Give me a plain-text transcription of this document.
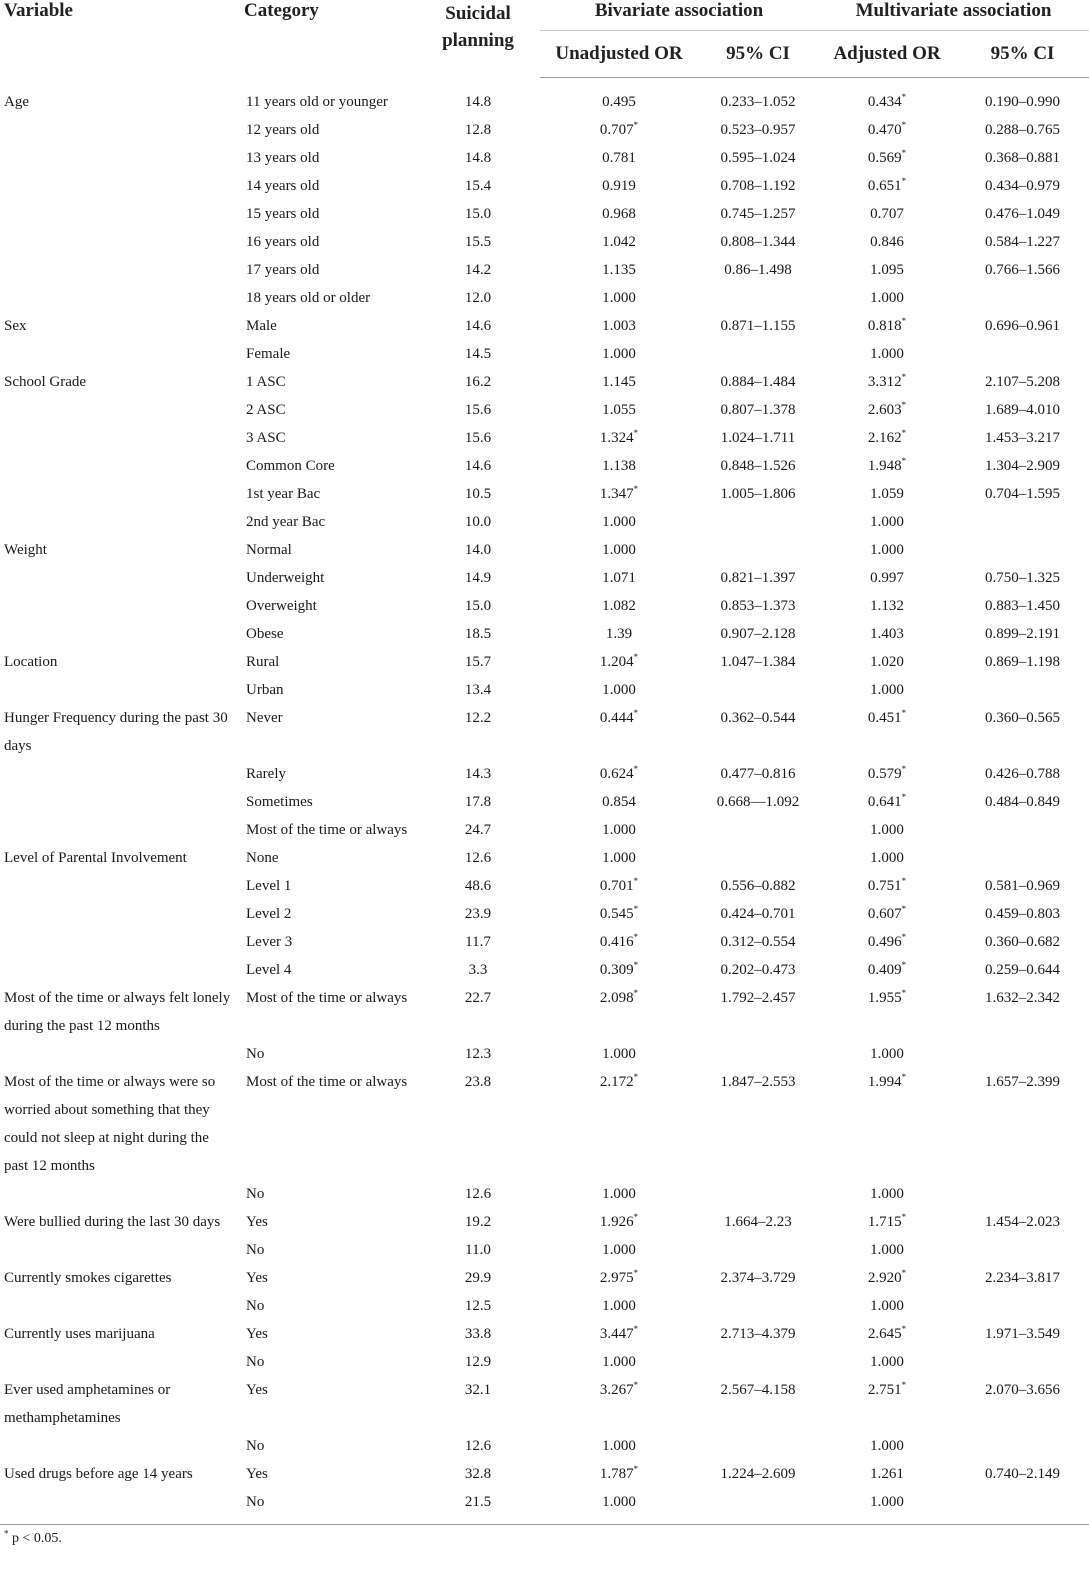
Variable	Category	Suicidal planning	Bivariate association		Multivariate association	
			Unadjusted OR	95% CI	Adjusted OR	95% CI
Age	11 years old or younger	14.8	0.495	0.233–1.052	0.434*	0.190–0.990
	12 years old	12.8	0.707*	0.523–0.957	0.470*	0.288–0.765
	13 years old	14.8	0.781	0.595–1.024	0.569*	0.368–0.881
	14 years old	15.4	0.919	0.708–1.192	0.651*	0.434–0.979
	15 years old	15.0	0.968	0.745–1.257	0.707	0.476–1.049
	16 years old	15.5	1.042	0.808–1.344	0.846	0.584–1.227
	17 years old	14.2	1.135	0.86–1.498	1.095	0.766–1.566
	18 years old or older	12.0	1.000		1.000	
Sex	Male	14.6	1.003	0.871–1.155	0.818*	0.696–0.961
	Female	14.5	1.000		1.000	
School Grade	1 ASC	16.2	1.145	0.884–1.484	3.312*	2.107–5.208
	2 ASC	15.6	1.055	0.807–1.378	2.603*	1.689–4.010
	3 ASC	15.6	1.324*	1.024–1.711	2.162*	1.453–3.217
	Common Core	14.6	1.138	0.848–1.526	1.948*	1.304–2.909
	1st year Bac	10.5	1.347*	1.005–1.806	1.059	0.704–1.595
	2nd year Bac	10.0	1.000		1.000	
Weight	Normal	14.0	1.000		1.000	
	Underweight	14.9	1.071	0.821–1.397	0.997	0.750–1.325
	Overweight	15.0	1.082	0.853–1.373	1.132	0.883–1.450
	Obese	18.5	1.39	0.907–2.128	1.403	0.899–2.191
Location	Rural	15.7	1.204*	1.047–1.384	1.020	0.869–1.198
	Urban	13.4	1.000		1.000	
Hunger Frequency during the past 30 days	Never	12.2	0.444*	0.362–0.544	0.451*	0.360–0.565
	Rarely	14.3	0.624*	0.477–0.816	0.579*	0.426–0.788
	Sometimes	17.8	0.854	0.668—1.092	0.641*	0.484–0.849
	Most of the time or always	24.7	1.000		1.000	
Level of Parental Involvement	None	12.6	1.000		1.000	
	Level 1	48.6	0.701*	0.556–0.882	0.751*	0.581–0.969
	Level 2	23.9	0.545*	0.424–0.701	0.607*	0.459–0.803
	Lever 3	11.7	0.416*	0.312–0.554	0.496*	0.360–0.682
	Level 4	3.3	0.309*	0.202–0.473	0.409*	0.259–0.644
Most of the time or always felt lonely during the past 12 months	Most of the time or always	22.7	2.098*	1.792–2.457	1.955*	1.632–2.342
	No	12.3	1.000		1.000	
Most of the time or always were so worried about something that they could not sleep at night during the past 12 months	Most of the time or always	23.8	2.172*	1.847–2.553	1.994*	1.657–2.399
	No	12.6	1.000		1.000	
Were bullied during the last 30 days	Yes	19.2	1.926*	1.664–2.23	1.715*	1.454–2.023
	No	11.0	1.000		1.000	
Currently smokes cigarettes	Yes	29.9	2.975*	2.374–3.729	2.920*	2.234–3.817
	No	12.5	1.000		1.000	
Currently uses marijuana	Yes	33.8	3.447*	2.713–4.379	2.645*	1.971–3.549
	No	12.9	1.000		1.000	
Ever used amphetamines or methamphetamines	Yes	32.1	3.267*	2.567–4.158	2.751*	2.070–3.656
	No	12.6	1.000		1.000	
Used drugs before age 14 years	Yes	32.8	1.787*	1.224–2.609	1.261	0.740–2.149
	No	21.5	1.000		1.000	
* p < 0.05.
